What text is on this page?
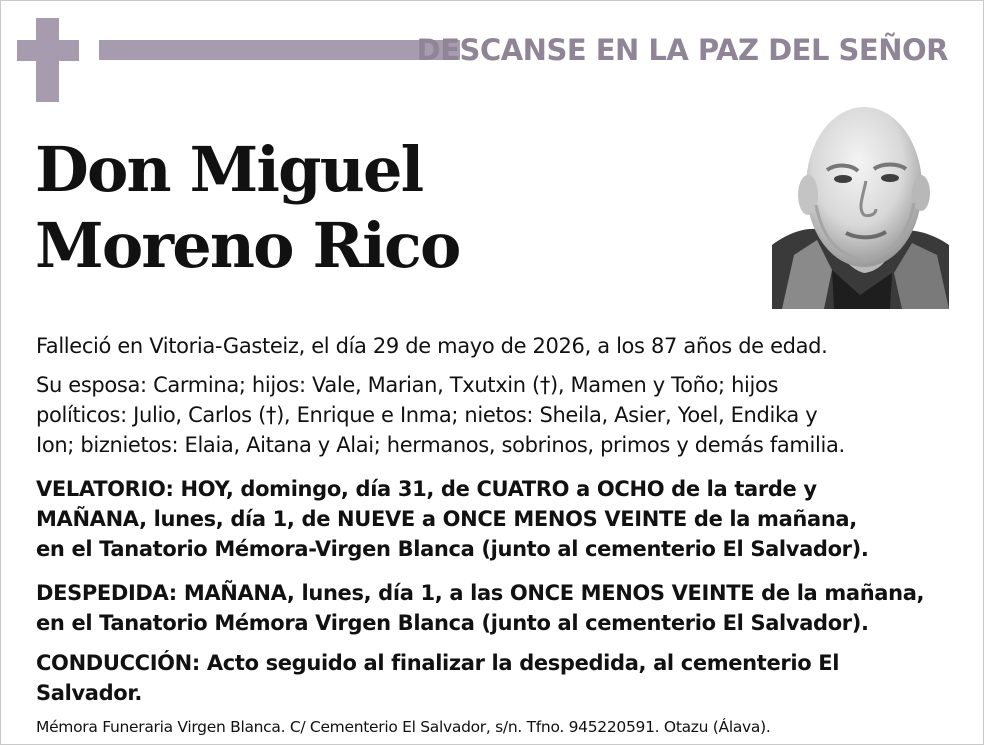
DESCANSE EN LA PAZ DEL SEÑOR
Don Miguel
Moreno Rico

Falleció en Vitoria-Gasteiz, el día 29 de mayo de 2026, a los 87 años de edad.

Su esposa: Carmina; hijos: Vale, Marian, Txutxin (†), Mamen y Toño; hijos
políticos: Julio, Carlos (†), Enrique e Inma; nietos: Sheila, Asier, Yoel, Endika y
Ion; biznietos: Elaia, Aitana y Alai; hermanos, sobrinos, primos y demás familia.

VELATORIO: HOY, domingo, día 31, de CUATRO a OCHO de la tarde y
MAÑANA, lunes, día 1, de NUEVE a ONCE MENOS VEINTE de la mañana,
en el Tanatorio Mémora-Virgen Blanca (junto al cementerio El Salvador).

DESPEDIDA: MAÑANA, lunes, día 1, a las ONCE MENOS VEINTE de la mañana,
en el Tanatorio Mémora Virgen Blanca (junto al cementerio El Salvador).

CONDUCCIÓN: Acto seguido al finalizar la despedida, al cementerio El
Salvador.

Mémora Funeraria Virgen Blanca. C/ Cementerio El Salvador, s/n. Tfno. 945220591. Otazu (Álava).
